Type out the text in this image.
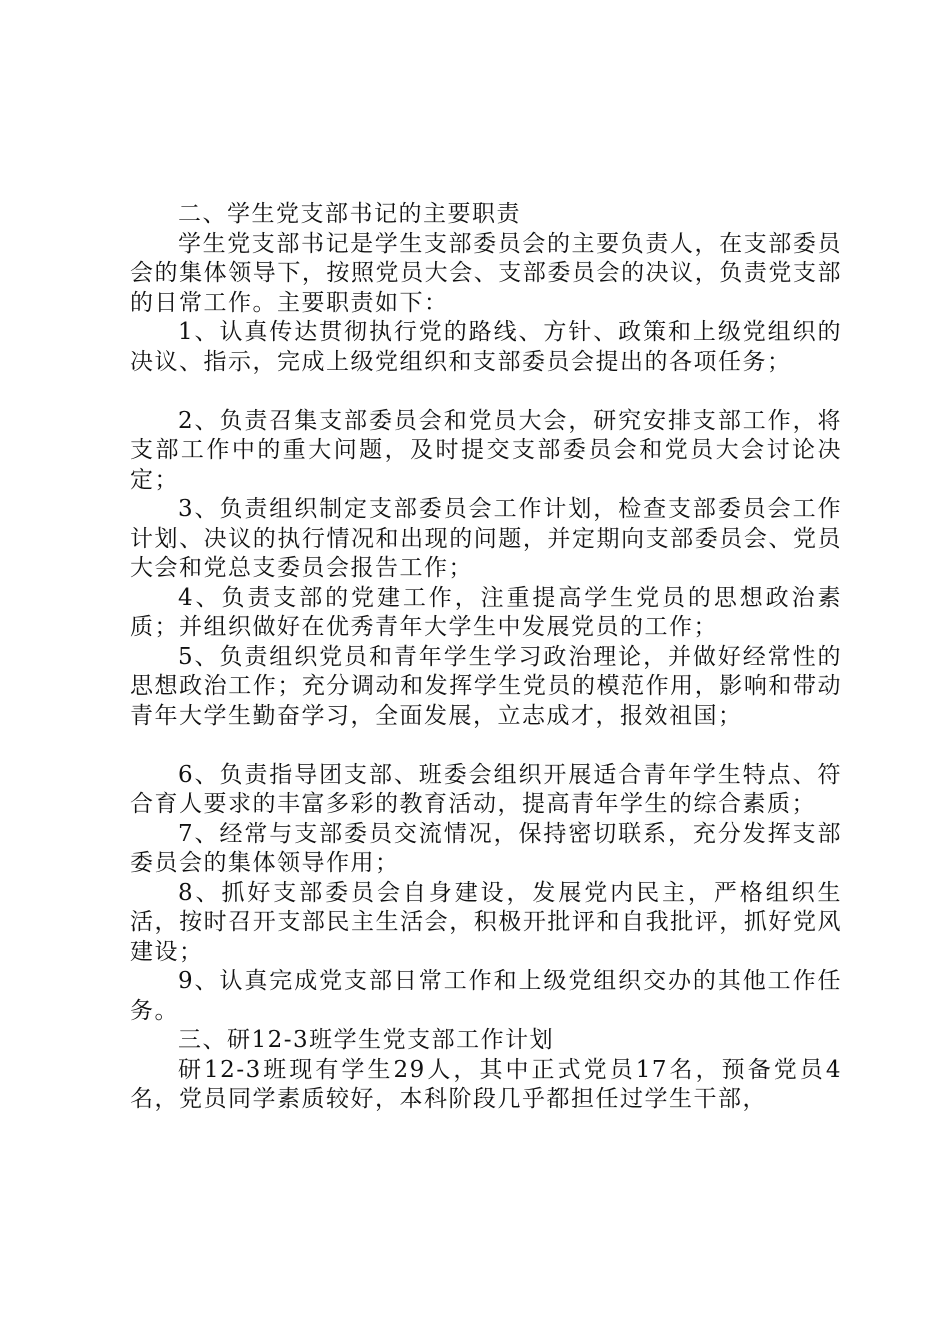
二、学生党支部书记的主要职责

学生党支部书记是学生支部委员会的主要负责人，在支部委员会的集体领导下，按照党员大会、支部委员会的决议，负责党支部的日常工作。主要职责如下：

1、认真传达贯彻执行党的路线、方针、政策和上级党组织的决议、指示，完成上级党组织和支部委员会提出的各项任务；

2、负责召集支部委员会和党员大会，研究安排支部工作，将支部工作中的重大问题，及时提交支部委员会和党员大会讨论决定；

3、负责组织制定支部委员会工作计划，检查支部委员会工作计划、决议的执行情况和出现的问题，并定期向支部委员会、党员大会和党总支委员会报告工作；

4、负责支部的党建工作，注重提高学生党员的思想政治素质；并组织做好在优秀青年大学生中发展党员的工作；

5、负责组织党员和青年学生学习政治理论，并做好经常性的思想政治工作；充分调动和发挥学生党员的模范作用，影响和带动青年大学生勤奋学习，全面发展，立志成才，报效祖国；

6、负责指导团支部、班委会组织开展适合青年学生特点、符合育人要求的丰富多彩的教育活动，提高青年学生的综合素质；

7、经常与支部委员交流情况，保持密切联系，充分发挥支部委员会的集体领导作用；

8、抓好支部委员会自身建设，发展党内民主，严格组织生活，按时召开支部民主生活会，积极开批评和自我批评，抓好党风建设；

9、认真完成党支部日常工作和上级党组织交办的其他工作任务。

三、研12-3班学生党支部工作计划

研12-3班现有学生29人，其中正式党员17名，预备党员4名，党员同学素质较好，本科阶段几乎都担任过学生干部，
